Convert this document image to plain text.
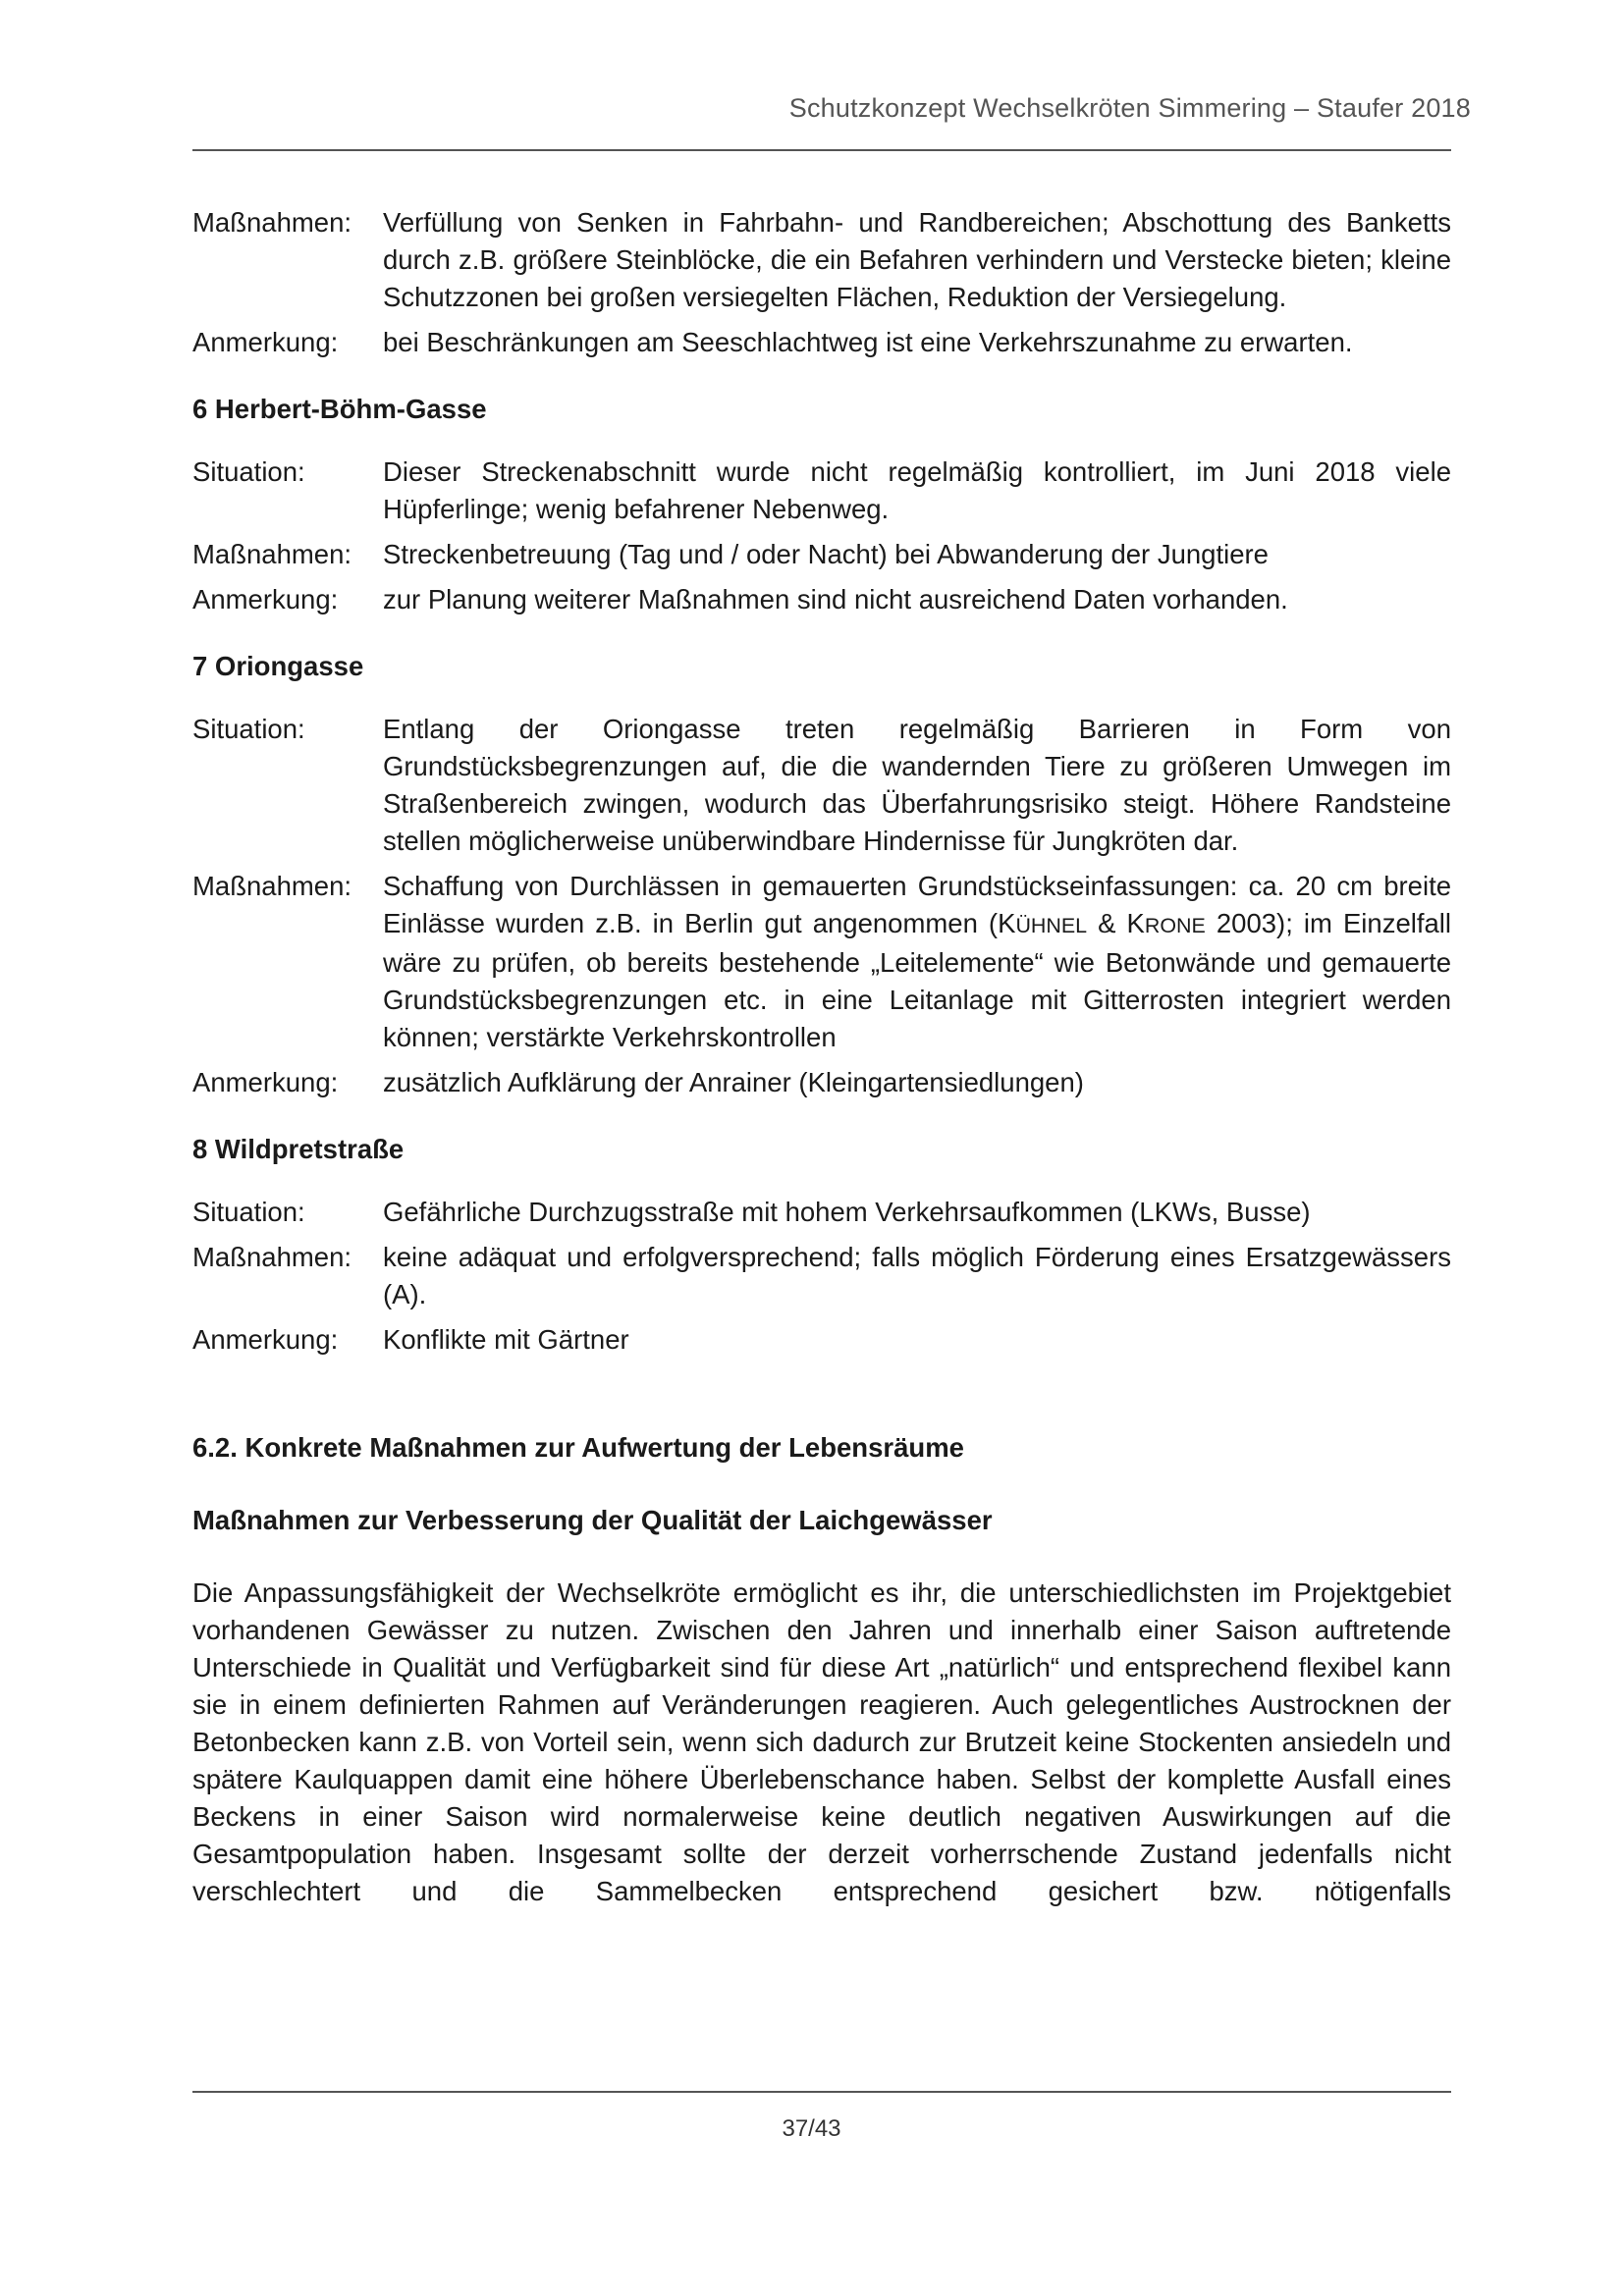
Schutzkonzept Wechselkröten Simmering – Staufer 2018
Maßnahmen:	Verfüllung von Senken in Fahrbahn- und Randbereichen; Abschottung des Banketts durch z.B. größere Steinblöcke, die ein Befahren verhindern und Verstecke bieten; kleine Schutzzonen bei großen versiegelten Flächen, Reduktion der Versiegelung.
Anmerkung:	bei Beschränkungen am Seeschlachtweg ist eine Verkehrszunahme zu erwarten.
6 Herbert-Böhm-Gasse
Situation:	Dieser Streckenabschnitt wurde nicht regelmäßig kontrolliert, im Juni 2018 viele Hüpferlinge; wenig befahrener Nebenweg.
Maßnahmen:	Streckenbetreuung (Tag und / oder Nacht) bei Abwanderung der Jungtiere
Anmerkung:	zur Planung weiterer Maßnahmen sind nicht ausreichend Daten vorhanden.
7 Oriongasse
Situation:	Entlang der Oriongasse treten regelmäßig Barrieren in Form von Grundstücksbegrenzungen auf, die die wandernden Tiere zu größeren Umwegen im Straßenbereich zwingen, wodurch das Überfahrungsrisiko steigt. Höhere Randsteine stellen möglicherweise unüberwindbare Hindernisse für Jungkröten dar.
Maßnahmen:	Schaffung von Durchlässen in gemauerten Grundstückseinfassungen: ca. 20 cm breite Einlässe wurden z.B. in Berlin gut angenommen (KÜHNEL & KRONE 2003); im Einzelfall wäre zu prüfen, ob bereits bestehende „Leitelemente“ wie Betonwände und gemauerte Grundstücksbegrenzungen etc. in eine Leitanlage mit Gitterrosten integriert werden können; verstärkte Verkehrskontrollen
Anmerkung:	zusätzlich Aufklärung der Anrainer (Kleingartensiedlungen)
8 Wildpretstraße
Situation:	Gefährliche Durchzugsstraße mit hohem Verkehrsaufkommen (LKWs, Busse)
Maßnahmen:	keine adäquat und erfolgversprechend; falls möglich Förderung eines Ersatzgewässers (A).
Anmerkung:	Konflikte mit Gärtner
6.2. Konkrete Maßnahmen zur Aufwertung der Lebensräume
Maßnahmen zur Verbesserung der Qualität der Laichgewässer
Die Anpassungsfähigkeit der Wechselkröte ermöglicht es ihr, die unterschiedlichsten im Projektgebiet vorhandenen Gewässer zu nutzen. Zwischen den Jahren und innerhalb einer Saison auftretende Unterschiede in Qualität und Verfügbarkeit sind für diese Art „natürlich“ und entsprechend flexibel kann sie in einem definierten Rahmen auf Veränderungen reagieren. Auch gelegentliches Austrocknen der Betonbecken kann z.B. von Vorteil sein, wenn sich dadurch zur Brutzeit keine Stockenten ansiedeln und spätere Kaulquappen damit eine höhere Überlebenschance haben. Selbst der komplette Ausfall eines Beckens in einer Saison wird normalerweise keine deutlich negativen Auswirkungen auf die Gesamtpopulation haben. Insgesamt sollte der derzeit vorherrschende Zustand jedenfalls nicht verschlechtert und die Sammelbecken entsprechend gesichert bzw. nötigenfalls
37/43
